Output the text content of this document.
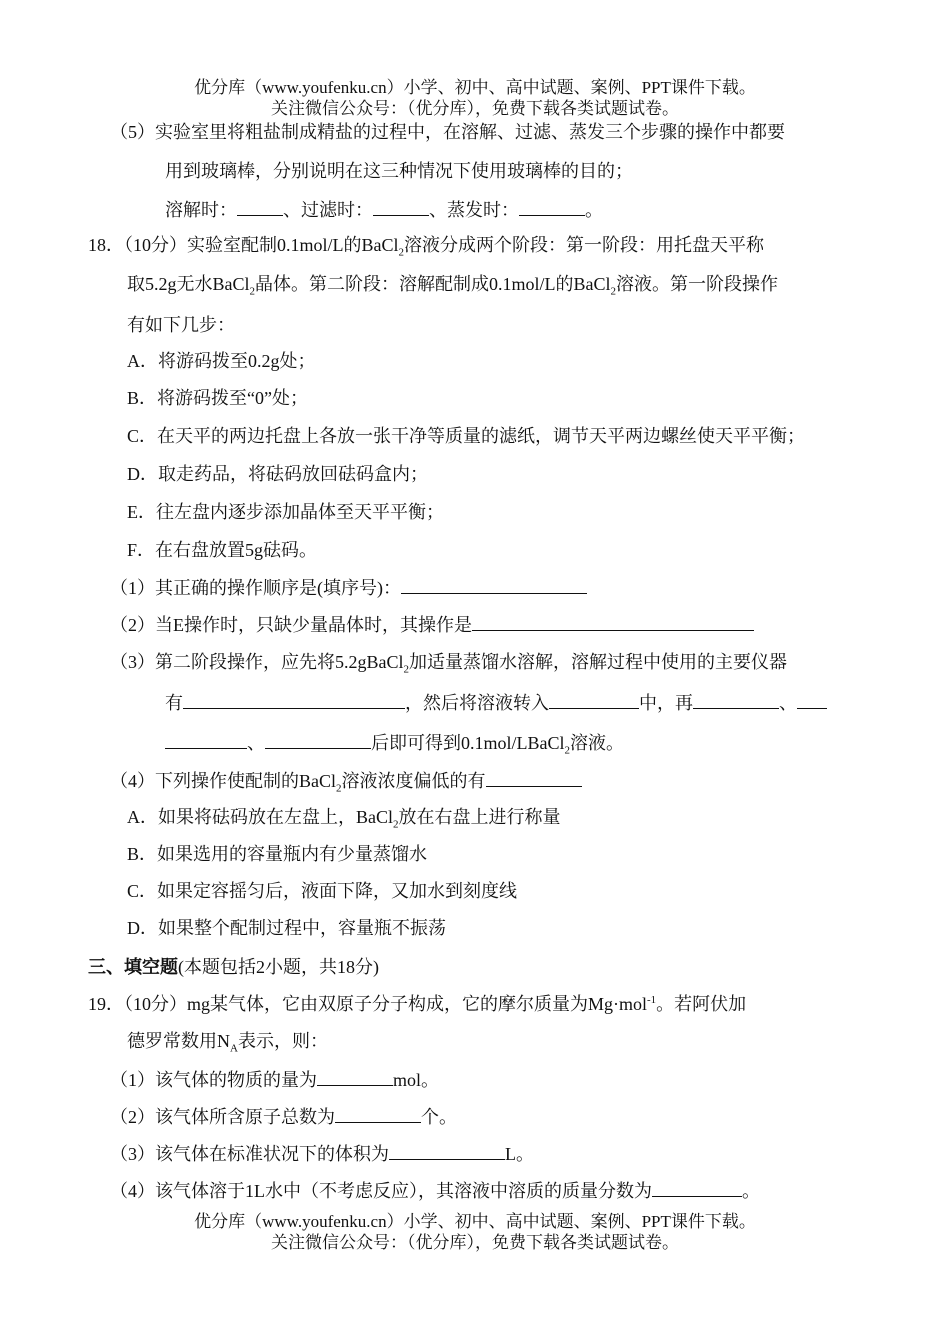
优分库（www.youfenku.cn）小学、初中、高中试题、案例、PPT课件下载。
关注微信公众号：（优分库），免费下载各类试题试卷。
（5）实验室里将粗盐制成精盐的过程中，在溶解、过滤、蒸发三个步骤的操作中都要
用到玻璃棒，分别说明在这三种情况下使用玻璃棒的目的；
溶解时：	、过滤时：	、蒸发时：	。
18．（10分）实验室配制0.1mol/L的BaCl$_2$溶液分成两个阶段：第一阶段：用托盘天平称
取5.2g无水BaCl$_2$晶体。第二阶段：溶解配制成0.1mol/L的BaCl$_2$溶液。第一阶段操作
有如下几步：
A．将游码拨至0.2g处；
B．将游码拨至“0”处；
C．在天平的两边托盘上各放一张干净等质量的滤纸，调节天平两边螺丝使天平平衡；
D．取走药品，将砝码放回砝码盒内；
E．往左盘内逐步添加晶体至天平平衡；
F．在右盘放置5g砝码。
（1）其正确的操作顺序是(填序号)：
（2）当E操作时，只缺少量晶体时，其操作是
（3）第二阶段操作，应先将5.2gBaCl$_2$加适量蒸馏水溶解，溶解过程中使用的主要仪器
有	，然后将溶液转入	中，再	、
、	后即可得到0.1mol/LBaCl$_2$溶液。
（4）下列操作使配制的BaCl$_2$溶液浓度偏低的有
A．如果将砝码放在左盘上，BaCl$_2$放在右盘上进行称量
B．如果选用的容量瓶内有少量蒸馏水
C．如果定容摇匀后，液面下降，又加水到刻度线
D．如果整个配制过程中，容量瓶不振荡
三、填空题(本题包括2小题，共18分)
19．（10分）mg某气体，它由双原子分子构成，它的摩尔质量为Mg·mol$^{-1}$。若阿伏加
德罗常数用$N_A$表示，则：
（1）该气体的物质的量为	mol。
（2）该气体所含原子总数为	个。
（3）该气体在标准状况下的体积为	L。
（4）该气体溶于1L水中（不考虑反应），其溶液中溶质的质量分数为	。
优分库（www.youfenku.cn）小学、初中、高中试题、案例、PPT课件下载。
关注微信公众号：（优分库），免费下载各类试题试卷。
